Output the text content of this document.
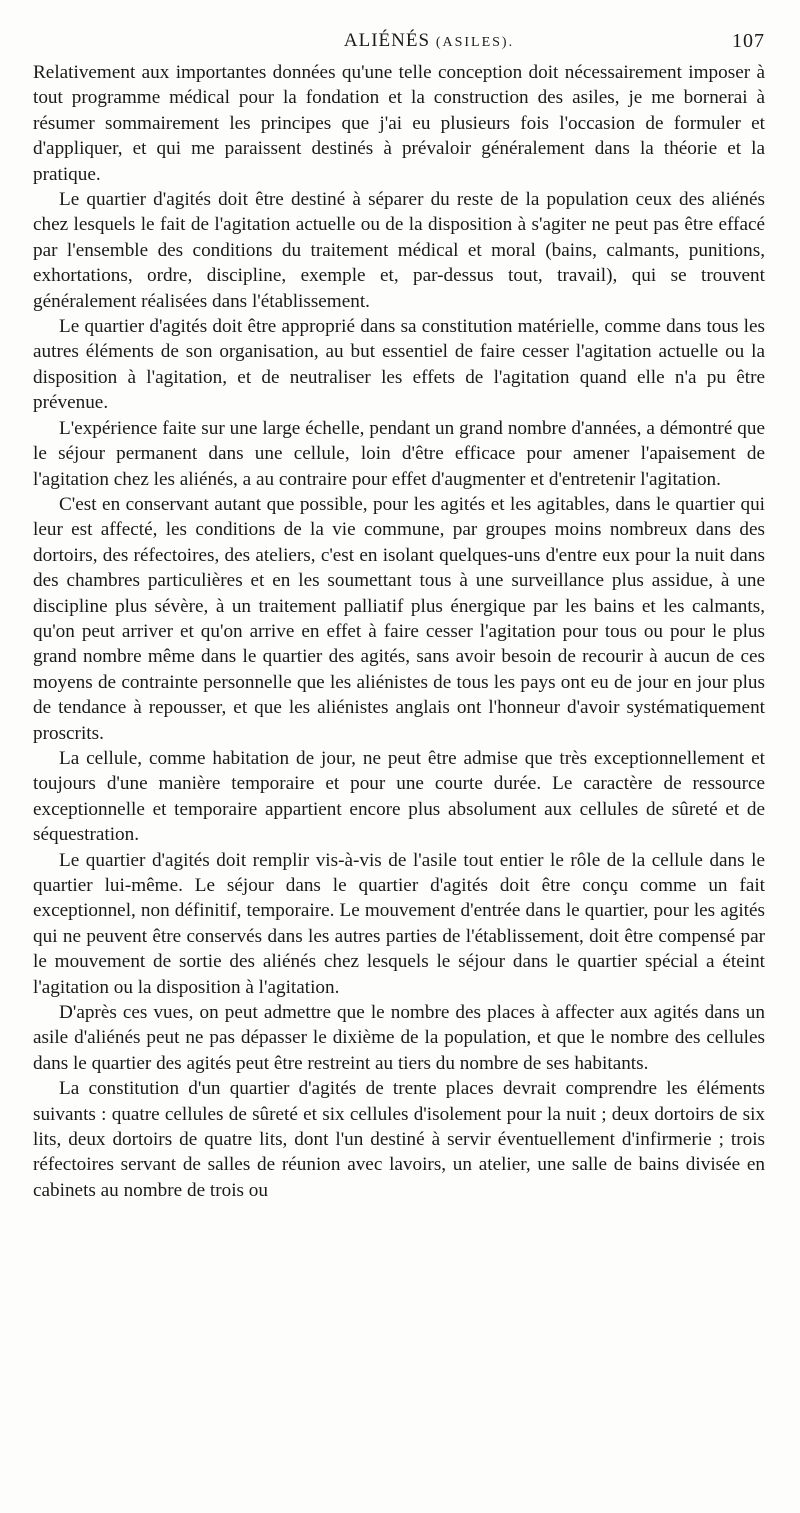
ALIÉNÉS (ASILES).	107

Relativement aux importantes données qu'une telle conception doit nécessairement imposer à tout programme médical pour la fondation et la construction des asiles, je me bornerai à résumer sommairement les principes que j'ai eu plusieurs fois l'occasion de formuler et d'appliquer, et qui me paraissent destinés à prévaloir généralement dans la théorie et la pratique.

Le quartier d'agités doit être destiné à séparer du reste de la population ceux des aliénés chez lesquels le fait de l'agitation actuelle ou de la disposition à s'agiter ne peut pas être effacé par l'ensemble des conditions du traitement médical et moral (bains, calmants, punitions, exhortations, ordre, discipline, exemple et, par-dessus tout, travail), qui se trouvent généralement réalisées dans l'établissement.

Le quartier d'agités doit être approprié dans sa constitution matérielle, comme dans tous les autres éléments de son organisation, au but essentiel de faire cesser l'agitation actuelle ou la disposition à l'agitation, et de neutraliser les effets de l'agitation quand elle n'a pu être prévenue.

L'expérience faite sur une large échelle, pendant un grand nombre d'années, a démontré que le séjour permanent dans une cellule, loin d'être efficace pour amener l'apaisement de l'agitation chez les aliénés, a au contraire pour effet d'augmenter et d'entretenir l'agitation.

C'est en conservant autant que possible, pour les agités et les agitables, dans le quartier qui leur est affecté, les conditions de la vie commune, par groupes moins nombreux dans des dortoirs, des réfectoires, des ateliers, c'est en isolant quelques-uns d'entre eux pour la nuit dans des chambres particulières et en les soumettant tous à une surveillance plus assidue, à une discipline plus sévère, à un traitement palliatif plus énergique par les bains et les calmants, qu'on peut arriver et qu'on arrive en effet à faire cesser l'agitation pour tous ou pour le plus grand nombre même dans le quartier des agités, sans avoir besoin de recourir à aucun de ces moyens de contrainte personnelle que les aliénistes de tous les pays ont eu de jour en jour plus de tendance à repousser, et que les aliénistes anglais ont l'honneur d'avoir systématiquement proscrits.

La cellule, comme habitation de jour, ne peut être admise que très exceptionnellement et toujours d'une manière temporaire et pour une courte durée. Le caractère de ressource exceptionnelle et temporaire appartient encore plus absolument aux cellules de sûreté et de séquestration.

Le quartier d'agités doit remplir vis-à-vis de l'asile tout entier le rôle de la cellule dans le quartier lui-même. Le séjour dans le quartier d'agités doit être conçu comme un fait exceptionnel, non définitif, temporaire. Le mouvement d'entrée dans le quartier, pour les agités qui ne peuvent être conservés dans les autres parties de l'établissement, doit être compensé par le mouvement de sortie des aliénés chez lesquels le séjour dans le quartier spécial a éteint l'agitation ou la disposition à l'agitation.

D'après ces vues, on peut admettre que le nombre des places à affecter aux agités dans un asile d'aliénés peut ne pas dépasser le dixième de la population, et que le nombre des cellules dans le quartier des agités peut être restreint au tiers du nombre de ses habitants.

La constitution d'un quartier d'agités de trente places devrait comprendre les éléments suivants : quatre cellules de sûreté et six cellules d'isolement pour la nuit ; deux dortoirs de six lits, deux dortoirs de quatre lits, dont l'un destiné à servir éventuellement d'infirmerie ; trois réfectoires servant de salles de réunion avec lavoirs, un atelier, une salle de bains divisée en cabinets au nombre de trois ou
